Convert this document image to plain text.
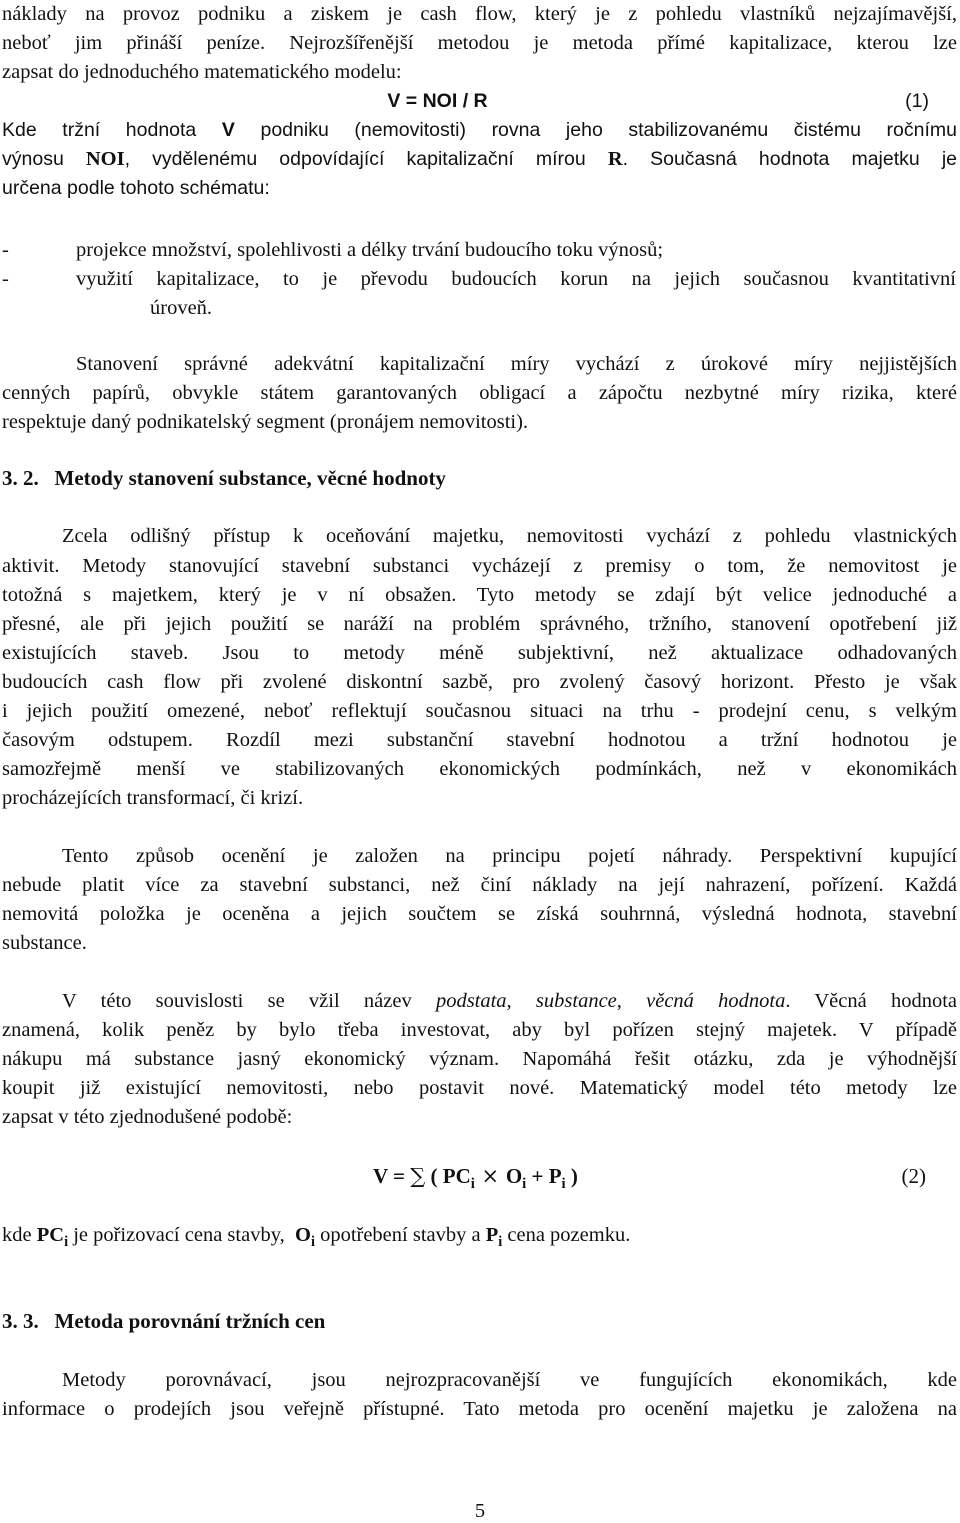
náklady na provoz podniku a ziskem je cash flow, který je z pohledu vlastníků nejzajímavější,
neboť jim přináší peníze. Nejrozšířenější metodou je metoda přímé kapitalizace, kterou lze
zapsat do jednoduchého matematického modelu:
V = NOI / R	(1)
Kde tržní hodnota V podniku (nemovitosti) rovna jeho stabilizovanému čistému ročnímu
výnosu NOI, vydělenému odpovídající kapitalizační mírou R. Současná hodnota majetku je
určena podle tohoto schématu:
-	projekce množství, spolehlivosti a délky trvání budoucího toku výnosů;
-	využití kapitalizace, to je převodu budoucích korun na jejich současnou kvantitativní
úroveň.
Stanovení správné adekvátní kapitalizační míry vychází z úrokové míry nejjistějších
cenných papírů, obvykle státem garantovaných obligací a zápočtu nezbytné míry rizika, které
respektuje daný podnikatelský segment (pronájem nemovitosti).
3. 2.   Metody stanovení substance, věcné hodnoty
Zcela odlišný přístup k oceňování majetku, nemovitosti vychází z pohledu vlastnických
aktivit. Metody stanovující stavební substanci vycházejí z premisy o tom, že nemovitost je
totožná s majetkem, který je v ní obsažen. Tyto metody se zdají být velice jednoduché a
přesné, ale při jejich použití se naráží na problém správného, tržního, stanovení opotřebení již
existujících staveb. Jsou to metody méně subjektivní, než aktualizace odhadovaných
budoucích cash flow při zvolené diskontní sazbě, pro zvolený časový horizont. Přesto je však
i jejich použití omezené, neboť reflektují současnou situaci na trhu - prodejní cenu, s velkým
časovým odstupem. Rozdíl mezi substanční stavební hodnotou a tržní hodnotou je
samozřejmě menší ve stabilizovaných ekonomických podmínkách, než v ekonomikách
procházejících transformací, či krizí.
Tento způsob ocenění je založen na principu pojetí náhrady. Perspektivní kupující
nebude platit více za stavební substanci, než činí náklady na její nahrazení, pořízení. Každá
nemovitá položka je oceněna a jejich součtem se získá souhrnná, výsledná hodnota, stavební
substance.
V této souvislosti se vžil název podstata, substance, věcná hodnota. Věcná hodnota
znamená, kolik peněz by bylo třeba investovat, aby byl pořízen stejný majetek. V případě
nákupu má substance jasný ekonomický význam. Napomáhá řešit otázku, zda je výhodnější
koupit již existující nemovitosti, nebo postavit nové. Matematický model této metody lze
zapsat v této zjednodušené podobě:
V = ∑ ( $PC_i \times O_i + P_i$ )	(2)
kde $PC_i$ je pořizovací cena stavby,  $O_i$ opotřebení stavby a $P_i$ cena pozemku.
3. 3.   Metoda porovnání tržních cen
Metody porovnávací, jsou nejrozpracovanější ve fungujících ekonomikách, kde
informace o prodejích jsou veřejně přístupné. Tato metoda pro ocenění majetku je založena na
5
